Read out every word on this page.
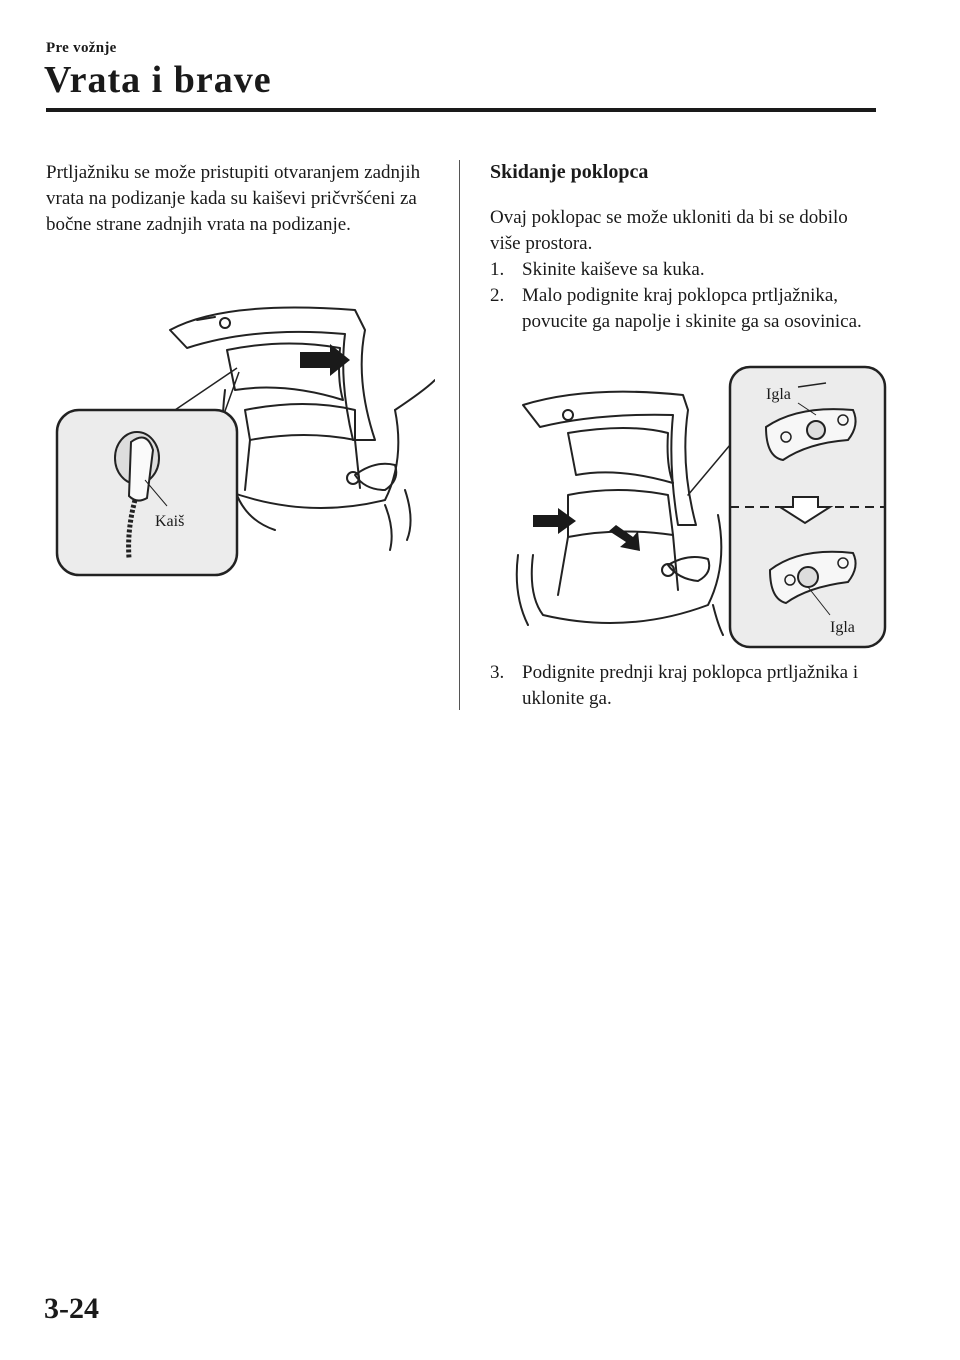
Pre vožnje
Vrata i brave

Prtljažniku se može pristupiti otvaranjem zadnjih vrata na podizanje kada su kaiševi pričvršćeni za bočne strane zadnjih vrata na podizanje.

Kaiš
Skidanje poklopca

Ovaj poklopac se može ukloniti da bi se dobilo više prostora.

1. Skinite kaiševe sa kuka.
2. Malo podignite kraj poklopca prtljažnika, povucite ga napolje i skinite ga sa osovinica.
Igla
Igla
3. Podignite prednji kraj poklopca prtljažnika i uklonite ga.
3-24
